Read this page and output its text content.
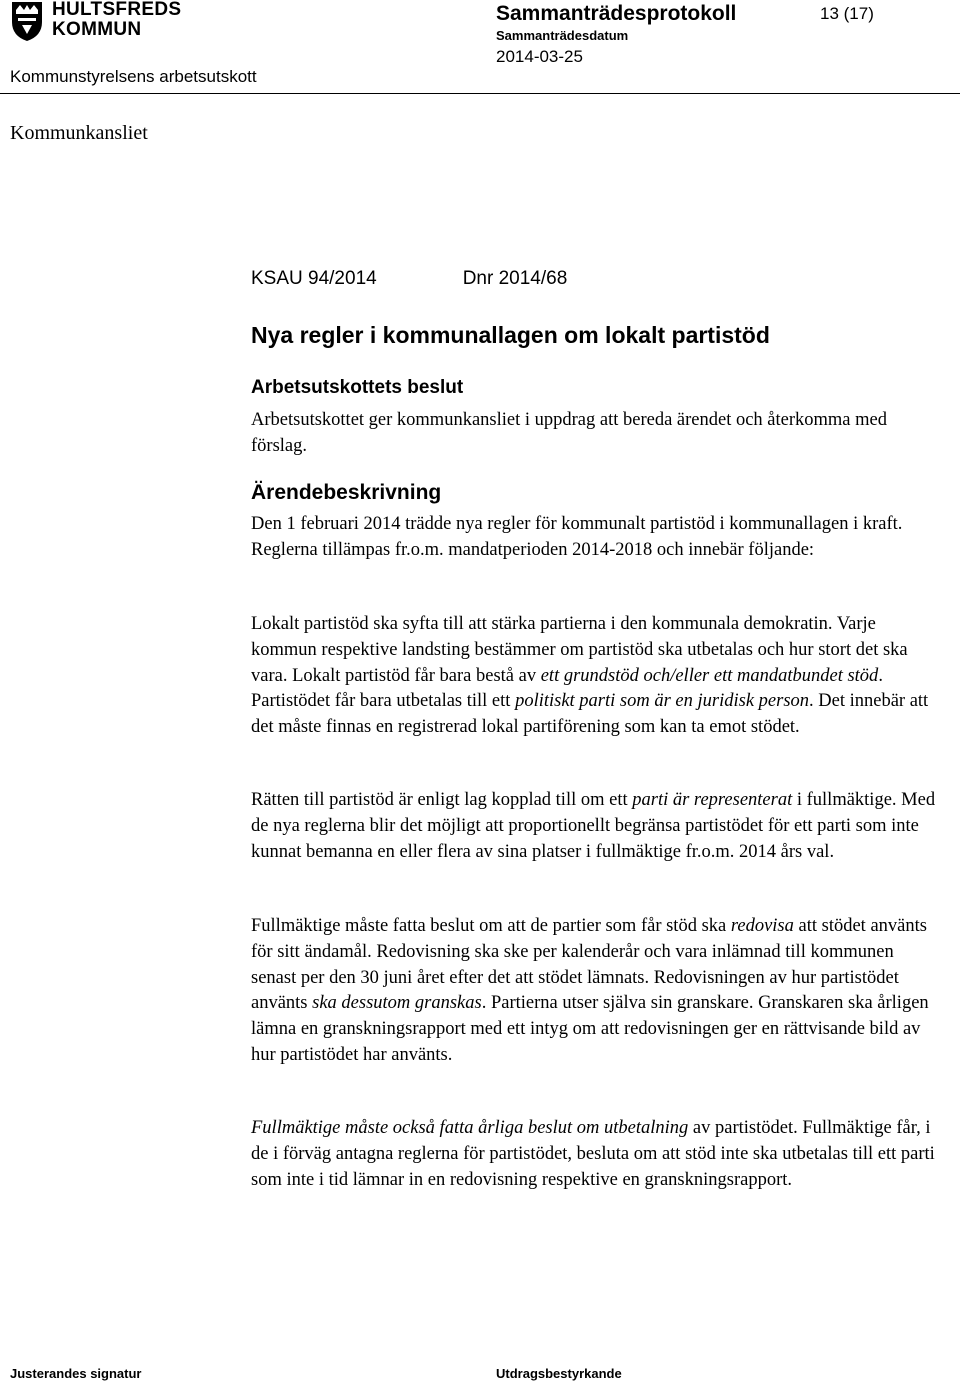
HULTSFREDS
KOMMUN
Sammanträdesprotokoll	13 (17)
Sammanträdesdatum
2014-03-25
Kommunstyrelsens arbetsutskott
Kommunkansliet
KSAU 94/2014	Dnr 2014/68
Nya regler i kommunallagen om lokalt partistöd
Arbetsutskottets beslut
Arbetsutskottet ger kommunkansliet i uppdrag att bereda ärendet och återkomma med förslag.
Ärendebeskrivning
Den 1 februari 2014 trädde nya regler för kommunalt partistöd i kommunallagen i kraft. Reglerna tillämpas fr.o.m. mandatperioden 2014-2018 och innebär följande:
Lokalt partistöd ska syfta till att stärka partierna i den kommunala demokratin. Varje kommun respektive landsting bestämmer om partistöd ska utbetalas och hur stort det ska vara. Lokalt partistöd får bara bestå av ett grundstöd och/eller ett mandatbundet stöd. Partistödet får bara utbetalas till ett politiskt parti som är en juridisk person. Det innebär att det måste finnas en registrerad lokal partiförening som kan ta emot stödet.
Rätten till partistöd är enligt lag kopplad till om ett parti är representerat i fullmäktige. Med de nya reglerna blir det möjligt att proportionellt begränsa partistödet för ett parti som inte kunnat bemanna en eller flera av sina platser i fullmäktige fr.o.m. 2014 års val.
Fullmäktige måste fatta beslut om att de partier som får stöd ska redovisa att stödet använts för sitt ändamål. Redovisning ska ske per kalenderår och vara inlämnad till kommunen senast per den 30 juni året efter det att stödet lämnats. Redovisningen av hur partistödet använts ska dessutom granskas. Partierna utser själva sin granskare. Granskaren ska årligen lämna en granskningsrapport med ett intyg om att redovisningen ger en rättvisande bild av hur partistödet har använts.
Fullmäktige måste också fatta årliga beslut om utbetalning av partistödet. Fullmäktige får, i de i förväg antagna reglerna för partistödet, besluta om att stöd inte ska utbetalas till ett parti som inte i tid lämnar in en redovisning respektive en granskningsrapport.
Justerandes signatur	Utdragsbestyrkande
